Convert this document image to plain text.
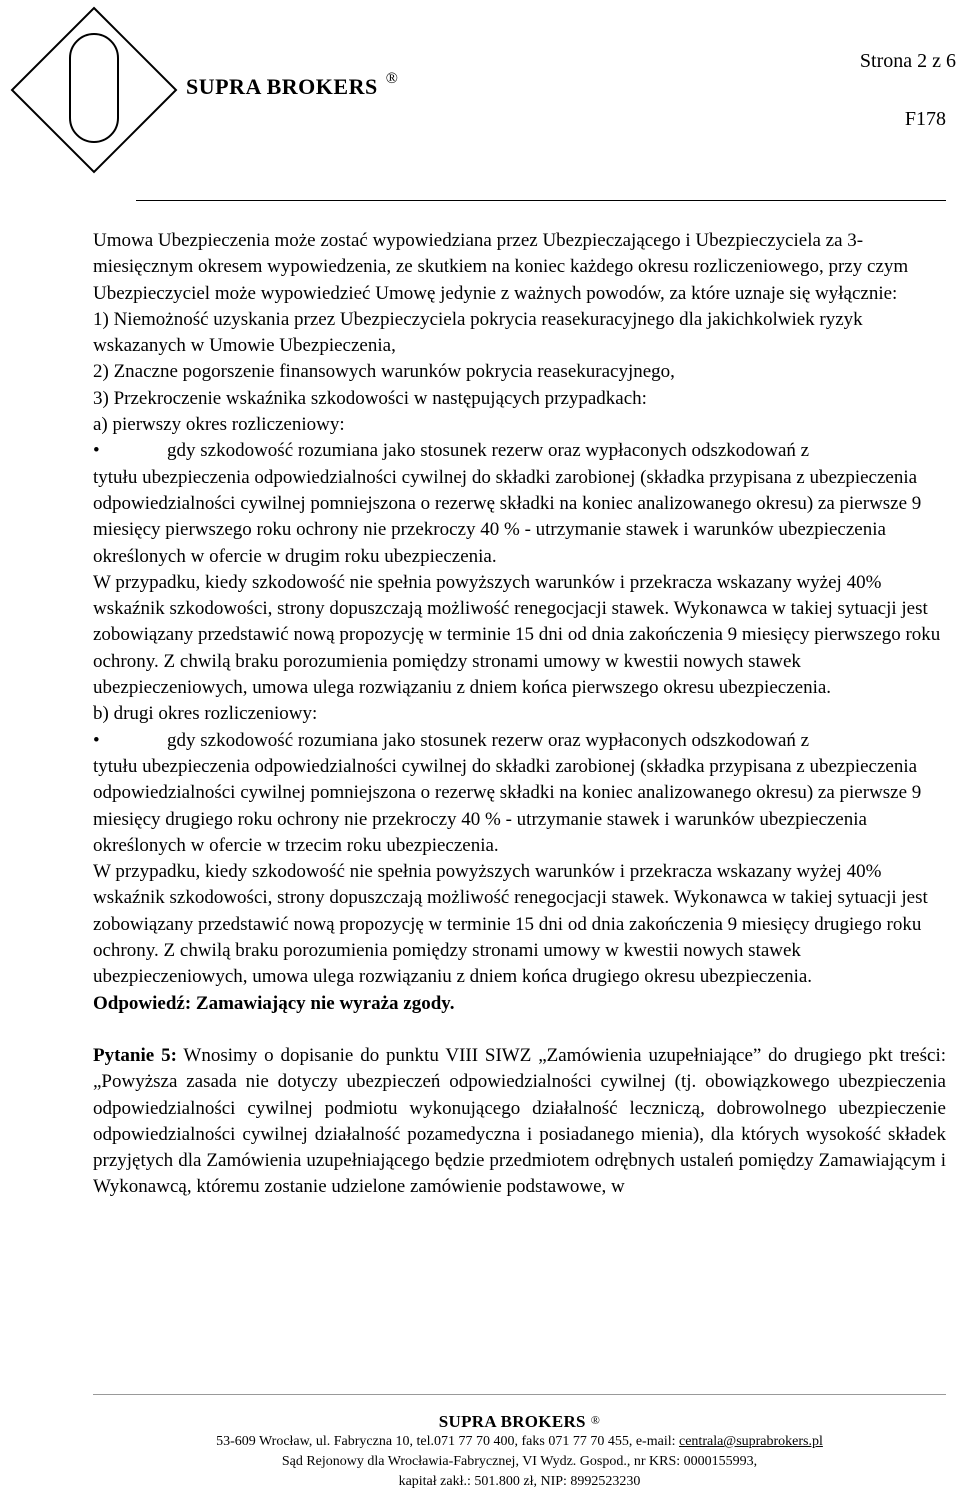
SUPRA BROKERS ®
Strona 2 z 6
F178

Umowa Ubezpieczenia może zostać wypowiedziana przez Ubezpieczającego i Ubezpieczyciela za 3-miesięcznym okresem wypowiedzenia, ze skutkiem na koniec każdego okresu rozliczeniowego, przy czym Ubezpieczyciel może wypowiedzieć Umowę jedynie z ważnych powodów, za które uznaje się wyłącznie:

1) Niemożność uzyskania przez Ubezpieczyciela pokrycia reasekuracyjnego dla jakichkolwiek ryzyk wskazanych w Umowie Ubezpieczenia,

2) Znaczne pogorszenie finansowych warunków pokrycia reasekuracyjnego,

3) Przekroczenie wskaźnika szkodowości w następujących przypadkach:

a) pierwszy okres rozliczeniowy:

•	gdy szkodowość rozumiana jako stosunek rezerw oraz wypłaconych odszkodowań z

tytułu ubezpieczenia odpowiedzialności cywilnej do składki zarobionej (składka przypisana z ubezpieczenia odpowiedzialności cywilnej pomniejszona o rezerwę składki na koniec analizowanego okresu) za pierwsze 9 miesięcy pierwszego roku ochrony nie przekroczy 40 % - utrzymanie stawek i warunków ubezpieczenia określonych w ofercie w drugim roku ubezpieczenia.

W przypadku, kiedy szkodowość nie spełnia powyższych warunków i przekracza wskazany wyżej 40% wskaźnik szkodowości, strony dopuszczają możliwość renegocjacji stawek. Wykonawca w takiej sytuacji jest zobowiązany przedstawić nową propozycję w terminie 15 dni od dnia zakończenia 9 miesięcy pierwszego roku ochrony. Z chwilą braku porozumienia pomiędzy stronami umowy w kwestii nowych stawek ubezpieczeniowych, umowa ulega rozwiązaniu z dniem końca pierwszego okresu ubezpieczenia.

b) drugi okres rozliczeniowy:

•	gdy szkodowość rozumiana jako stosunek rezerw oraz wypłaconych odszkodowań z

tytułu ubezpieczenia odpowiedzialności cywilnej do składki zarobionej (składka przypisana z ubezpieczenia odpowiedzialności cywilnej pomniejszona o rezerwę składki na koniec analizowanego okresu) za pierwsze 9 miesięcy drugiego roku ochrony nie przekroczy 40 % - utrzymanie stawek i warunków ubezpieczenia określonych w ofercie w trzecim roku ubezpieczenia.

W przypadku, kiedy szkodowość nie spełnia powyższych warunków i przekracza wskazany wyżej 40% wskaźnik szkodowości, strony dopuszczają możliwość renegocjacji stawek. Wykonawca w takiej sytuacji jest zobowiązany przedstawić nową propozycję w terminie 15 dni od dnia zakończenia 9 miesięcy drugiego roku ochrony. Z chwilą braku porozumienia pomiędzy stronami umowy w kwestii nowych stawek ubezpieczeniowych, umowa ulega rozwiązaniu z dniem końca drugiego okresu ubezpieczenia.

Odpowiedź: Zamawiający nie wyraża zgody.

Pytanie 5: Wnosimy o dopisanie do punktu VIII SIWZ „Zamówienia uzupełniające” do drugiego pkt treści: „Powyższa zasada nie dotyczy ubezpieczeń odpowiedzialności cywilnej (tj. obowiązkowego ubezpieczenia odpowiedzialności cywilnej podmiotu wykonującego działalność leczniczą, dobrowolnego ubezpieczenie odpowiedzialności cywilnej działalność pozamedyczna i posiadanego mienia), dla których wysokość składek przyjętych dla Zamówienia uzupełniającego będzie przedmiotem odrębnych ustaleń pomiędzy Zamawiającym i Wykonawcą, któremu zostanie udzielone zamówienie podstawowe, w

SUPRA BROKERS ®
53-609 Wrocław, ul. Fabryczna 10, tel.071 77 70 400, faks 071 77 70 455, e-mail: centrala@suprabrokers.pl
Sąd Rejonowy dla Wrocławia-Fabrycznej, VI Wydz. Gospod., nr KRS: 0000155993,
kapitał zakł.: 501.800 zł, NIP: 8992523230
